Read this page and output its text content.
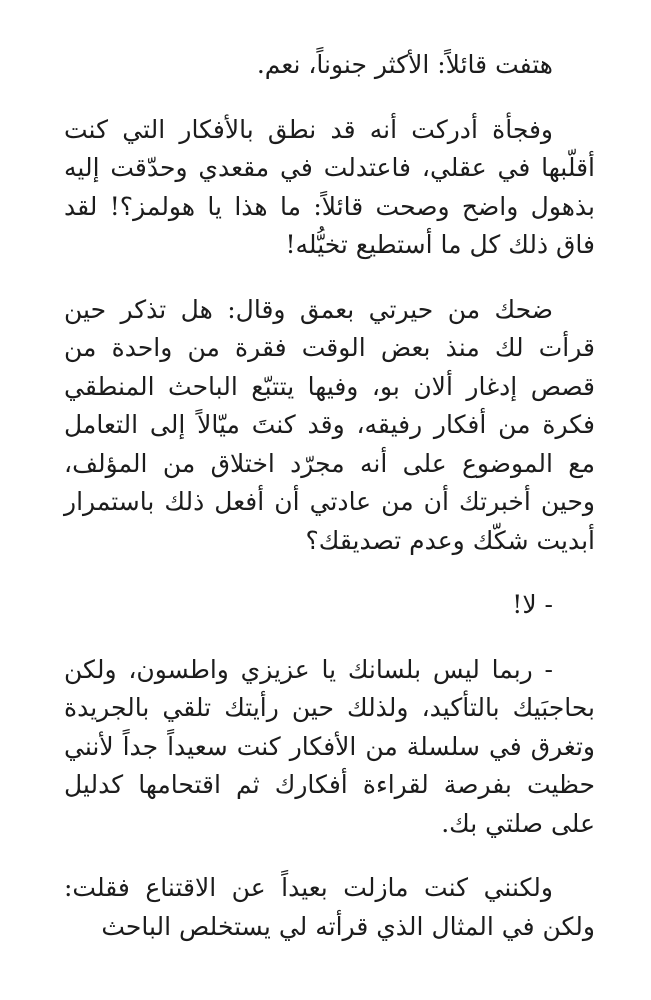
هتفت قائلاً: الأكثر جنوناً، نعم.

وفجأة أدركت أنه قد نطق بالأفكار التي كنت أقلّبها في عقلي، فاعتدلت في مقعدي وحدّقت إليه بذهول واضح وصحت قائلاً: ما هذا يا هولمز؟! لقد فاق ذلك كل ما أستطيع تخيُّله!

ضحك من حيرتي بعمق وقال: هل تذكر حين قرأت لك منذ بعض الوقت فقرة من واحدة من قصص إدغار ألان بو، وفيها يتتبّع الباحث المنطقي فكرة من أفكار رفيقه، وقد كنتَ ميّالاً إلى التعامل مع الموضوع على أنه مجرّد اختلاق من المؤلف، وحين أخبرتك أن من عادتي أن أفعل ذلك باستمرار أبديت شكّك وعدم تصديقك؟

- لا!

- ربما ليس بلسانك يا عزيزي واطسون، ولكن بحاجبَيك بالتأكيد، ولذلك حين رأيتك تلقي بالجريدة وتغرق في سلسلة من الأفكار كنت سعيداً جداً لأنني حظيت بفرصة لقراءة أفكارك ثم اقتحامها كدليل على صلتي بك.

ولكنني كنت مازلت بعيداً عن الاقتناع فقلت: ولكن في المثال الذي قرأته لي يستخلص الباحث
